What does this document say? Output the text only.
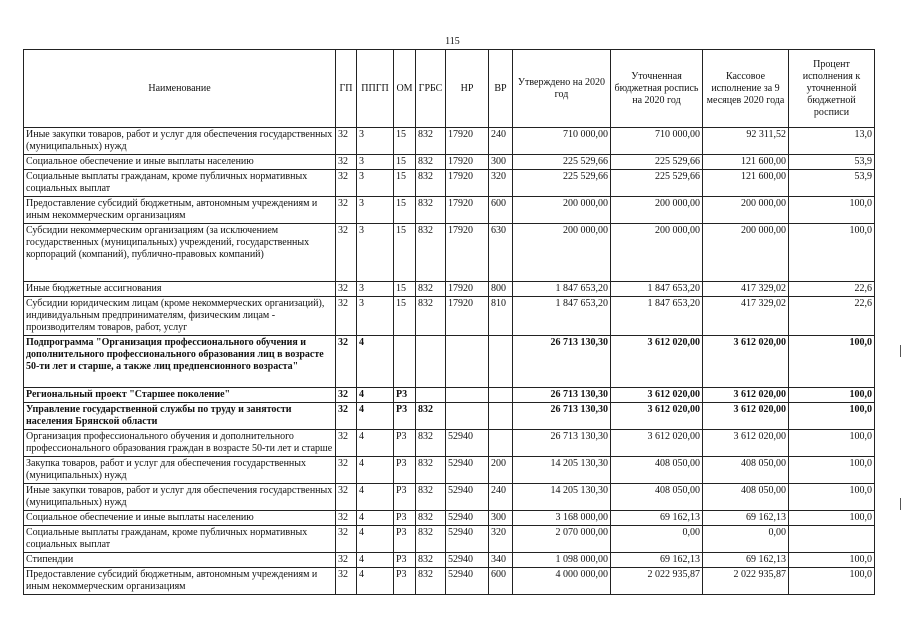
115
Наименование	ГП	ППГП	ОМ	ГРБС	НР	ВР	Утверждено на 2020 год	Уточненная бюджетная роспись на 2020 год	Кассовое исполнение за 9 месяцев 2020 года	Процент исполнения к уточненной бюджетной росписи
Иные закупки товаров, работ и услуг для обеспечения государственных (муниципальных) нужд	32	3	15	832	17920	240	710 000,00	710 000,00	92 311,52	13,0
Социальное обеспечение и иные выплаты населению	32	3	15	832	17920	300	225 529,66	225 529,66	121 600,00	53,9
Социальные выплаты гражданам, кроме публичных нормативных социальных выплат	32	3	15	832	17920	320	225 529,66	225 529,66	121 600,00	53,9
Предоставление субсидий бюджетным, автономным учреждениям и иным некоммерческим организациям	32	3	15	832	17920	600	200 000,00	200 000,00	200 000,00	100,0
Субсидии некоммерческим организациям (за исключением государственных (муниципальных) учреждений, государственных корпораций (компаний), публично-правовых компаний)	32	3	15	832	17920	630	200 000,00	200 000,00	200 000,00	100,0
Иные бюджетные ассигнования	32	3	15	832	17920	800	1 847 653,20	1 847 653,20	417 329,02	22,6
Субсидии юридическим лицам (кроме некоммерческих организаций), индивидуальным предпринимателям, физическим лицам - производителям товаров, работ, услуг	32	3	15	832	17920	810	1 847 653,20	1 847 653,20	417 329,02	22,6
Подпрограмма "Организация профессионального обучения и дополнительного профессионального образования лиц в возрасте 50-ти лет и старше, а также лиц предпенсионного возраста"	32	4					26 713 130,30	3 612 020,00	3 612 020,00	100,0
Региональный проект "Старшее поколение"	32	4	P3				26 713 130,30	3 612 020,00	3 612 020,00	100,0
Управление государственной службы по труду и занятости населения Брянской области	32	4	P3	832			26 713 130,30	3 612 020,00	3 612 020,00	100,0
Организация профессионального обучения и дополнительного профессионального образования граждан в возрасте 50-ти лет и старше	32	4	P3	832	52940		26 713 130,30	3 612 020,00	3 612 020,00	100,0
Закупка товаров, работ и услуг для обеспечения государственных (муниципальных) нужд	32	4	P3	832	52940	200	14 205 130,30	408 050,00	408 050,00	100,0
Иные закупки товаров, работ и услуг для обеспечения государственных (муниципальных) нужд	32	4	P3	832	52940	240	14 205 130,30	408 050,00	408 050,00	100,0
Социальное обеспечение и иные выплаты населению	32	4	P3	832	52940	300	3 168 000,00	69 162,13	69 162,13	100,0
Социальные выплаты гражданам, кроме публичных нормативных социальных выплат	32	4	P3	832	52940	320	2 070 000,00	0,00	0,00	
Стипендии	32	4	P3	832	52940	340	1 098 000,00	69 162,13	69 162,13	100,0
Предоставление субсидий бюджетным, автономным учреждениям и иным некоммерческим организациям	32	4	P3	832	52940	600	4 000 000,00	2 022 935,87	2 022 935,87	100,0
